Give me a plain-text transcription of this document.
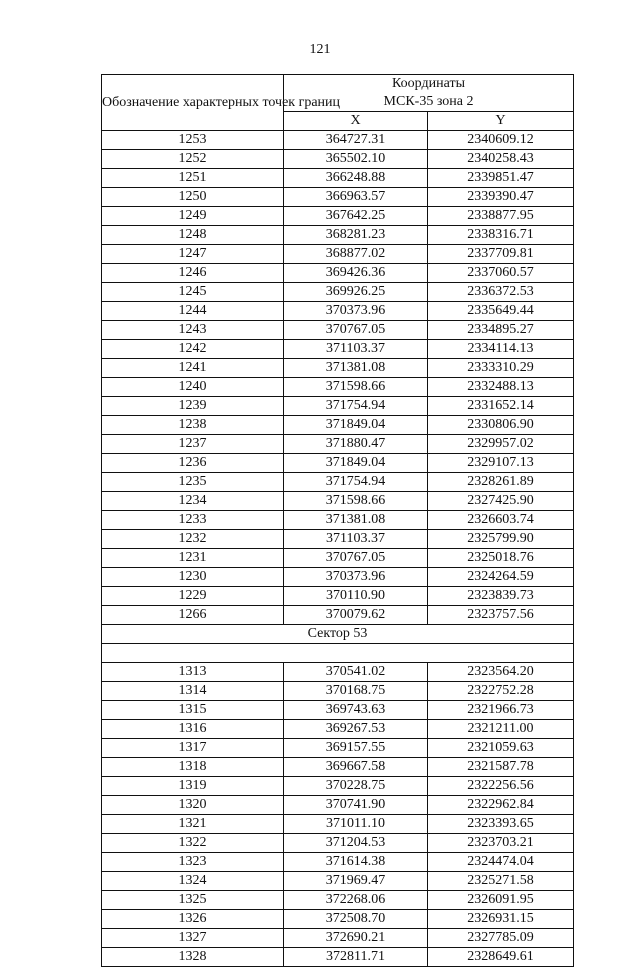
121
Обозначение характерных точек границ	Координаты
МСК-35 зона 2	
	X	Y
1253	364727.31	2340609.12
1252	365502.10	2340258.43
1251	366248.88	2339851.47
1250	366963.57	2339390.47
1249	367642.25	2338877.95
1248	368281.23	2338316.71
1247	368877.02	2337709.81
1246	369426.36	2337060.57
1245	369926.25	2336372.53
1244	370373.96	2335649.44
1243	370767.05	2334895.27
1242	371103.37	2334114.13
1241	371381.08	2333310.29
1240	371598.66	2332488.13
1239	371754.94	2331652.14
1238	371849.04	2330806.90
1237	371880.47	2329957.02
1236	371849.04	2329107.13
1235	371754.94	2328261.89
1234	371598.66	2327425.90
1233	371381.08	2326603.74
1232	371103.37	2325799.90
1231	370767.05	2325018.76
1230	370373.96	2324264.59
1229	370110.90	2323839.73
1266	370079.62	2323757.56
Сектор 53		

1313	370541.02	2323564.20
1314	370168.75	2322752.28
1315	369743.63	2321966.73
1316	369267.53	2321211.00
1317	369157.55	2321059.63
1318	369667.58	2321587.78
1319	370228.75	2322256.56
1320	370741.90	2322962.84
1321	371011.10	2323393.65
1322	371204.53	2323703.21
1323	371614.38	2324474.04
1324	371969.47	2325271.58
1325	372268.06	2326091.95
1326	372508.70	2326931.15
1327	372690.21	2327785.09
1328	372811.71	2328649.61
